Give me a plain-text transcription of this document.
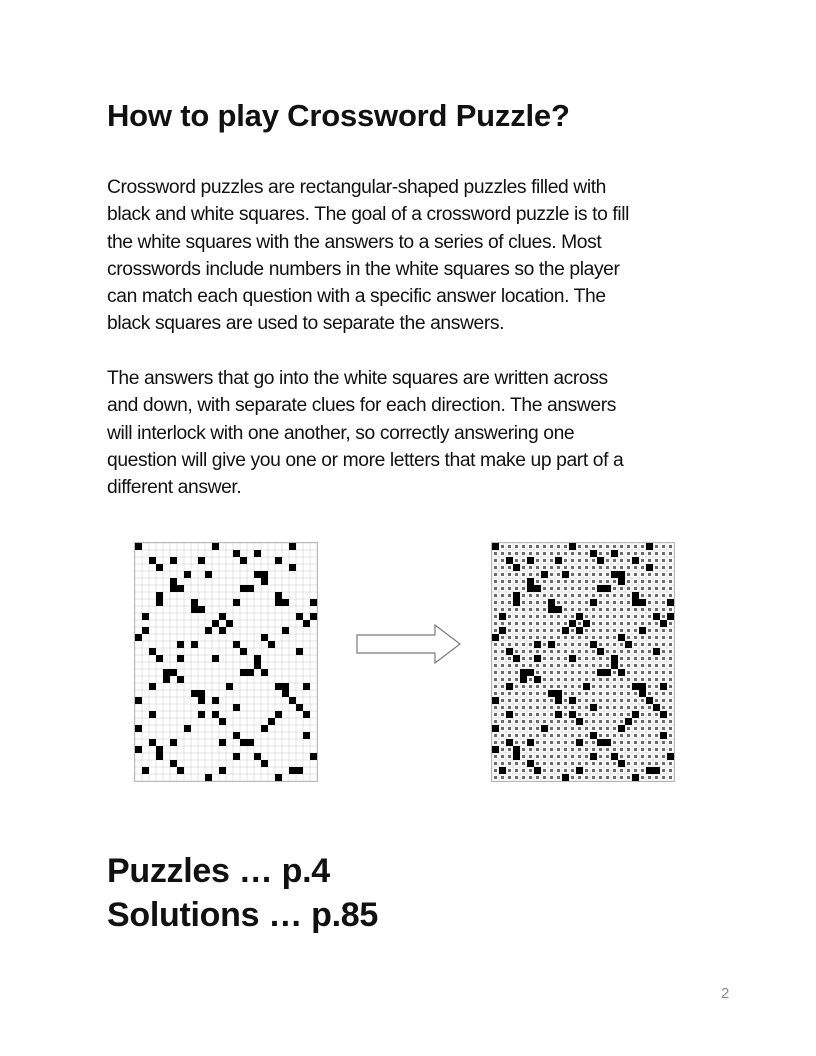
How to play Crossword Puzzle?

Crossword puzzles are rectangular-shaped puzzles filled with
black and white squares. The goal of a crossword puzzle is to fill
the white squares with the answers to a series of clues. Most
crosswords include numbers in the white squares so the player
can match each question with a specific answer location. The
black squares are used to separate the answers.

The answers that go into the white squares are written across
and down, with separate clues for each direction. The answers
will interlock with one another, so correctly answering one
question will give you one or more letters that make up part of a
different answer.

Puzzles … p.4
Solutions … p.85
2
